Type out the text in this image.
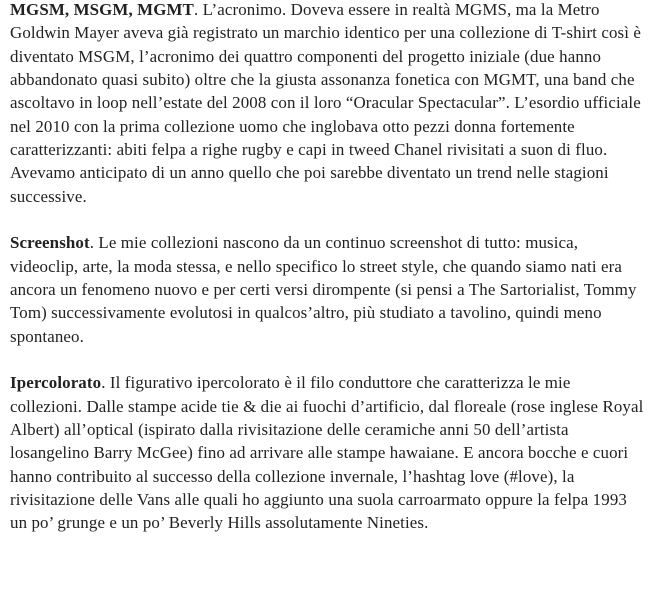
MGSM, MSGM, MGMT. L’acronimo. Doveva essere in realtà MGMS, ma la Metro Goldwin Mayer aveva già registrato un marchio identico per una collezione di T-shirt così è diventato MSGM, l’acronimo dei quattro componenti del progetto iniziale (due hanno abbandonato quasi subito) oltre che la giusta assonanza fonetica con MGMT, una band che ascoltavo in loop nell’estate del 2008 con il loro “Oracular Spectacular”. L’esordio ufficiale nel 2010 con la prima collezione uomo che inglobava otto pezzi donna fortemente caratterizzanti: abiti felpa a righe rugby e capi in tweed Chanel rivisitati a suon di fluo. Avevamo anticipato di un anno quello che poi sarebbe diventato un trend nelle stagioni successive.

Screenshot. Le mie collezioni nascono da un continuo screenshot di tutto: musica, videoclip, arte, la moda stessa, e nello specifico lo street style, che quando siamo nati era ancora un fenomeno nuovo e per certi versi dirompente (si pensi a The Sartorialist, Tommy Tom) successivamente evolutosi in qualcos’altro, più studiato a tavolino, quindi meno spontaneo.

Ipercolorato. Il figurativo ipercolorato è il filo conduttore che caratterizza le mie collezioni. Dalle stampe acide tie & die ai fuochi d’artificio, dal floreale (rose inglese Royal Albert) all’optical (ispirato dalla rivisitazione delle ceramiche anni 50 dell’artista losangelino Barry McGee) fino ad arrivare alle stampe hawaiane. E ancora bocche e cuori hanno contribuito al successo della collezione invernale, l’hashtag love (#love), la rivisitazione delle Vans alle quali ho aggiunto una suola carroarmato oppure la felpa 1993 un po’ grunge e un po’ Beverly Hills assolutamente Nineties.
